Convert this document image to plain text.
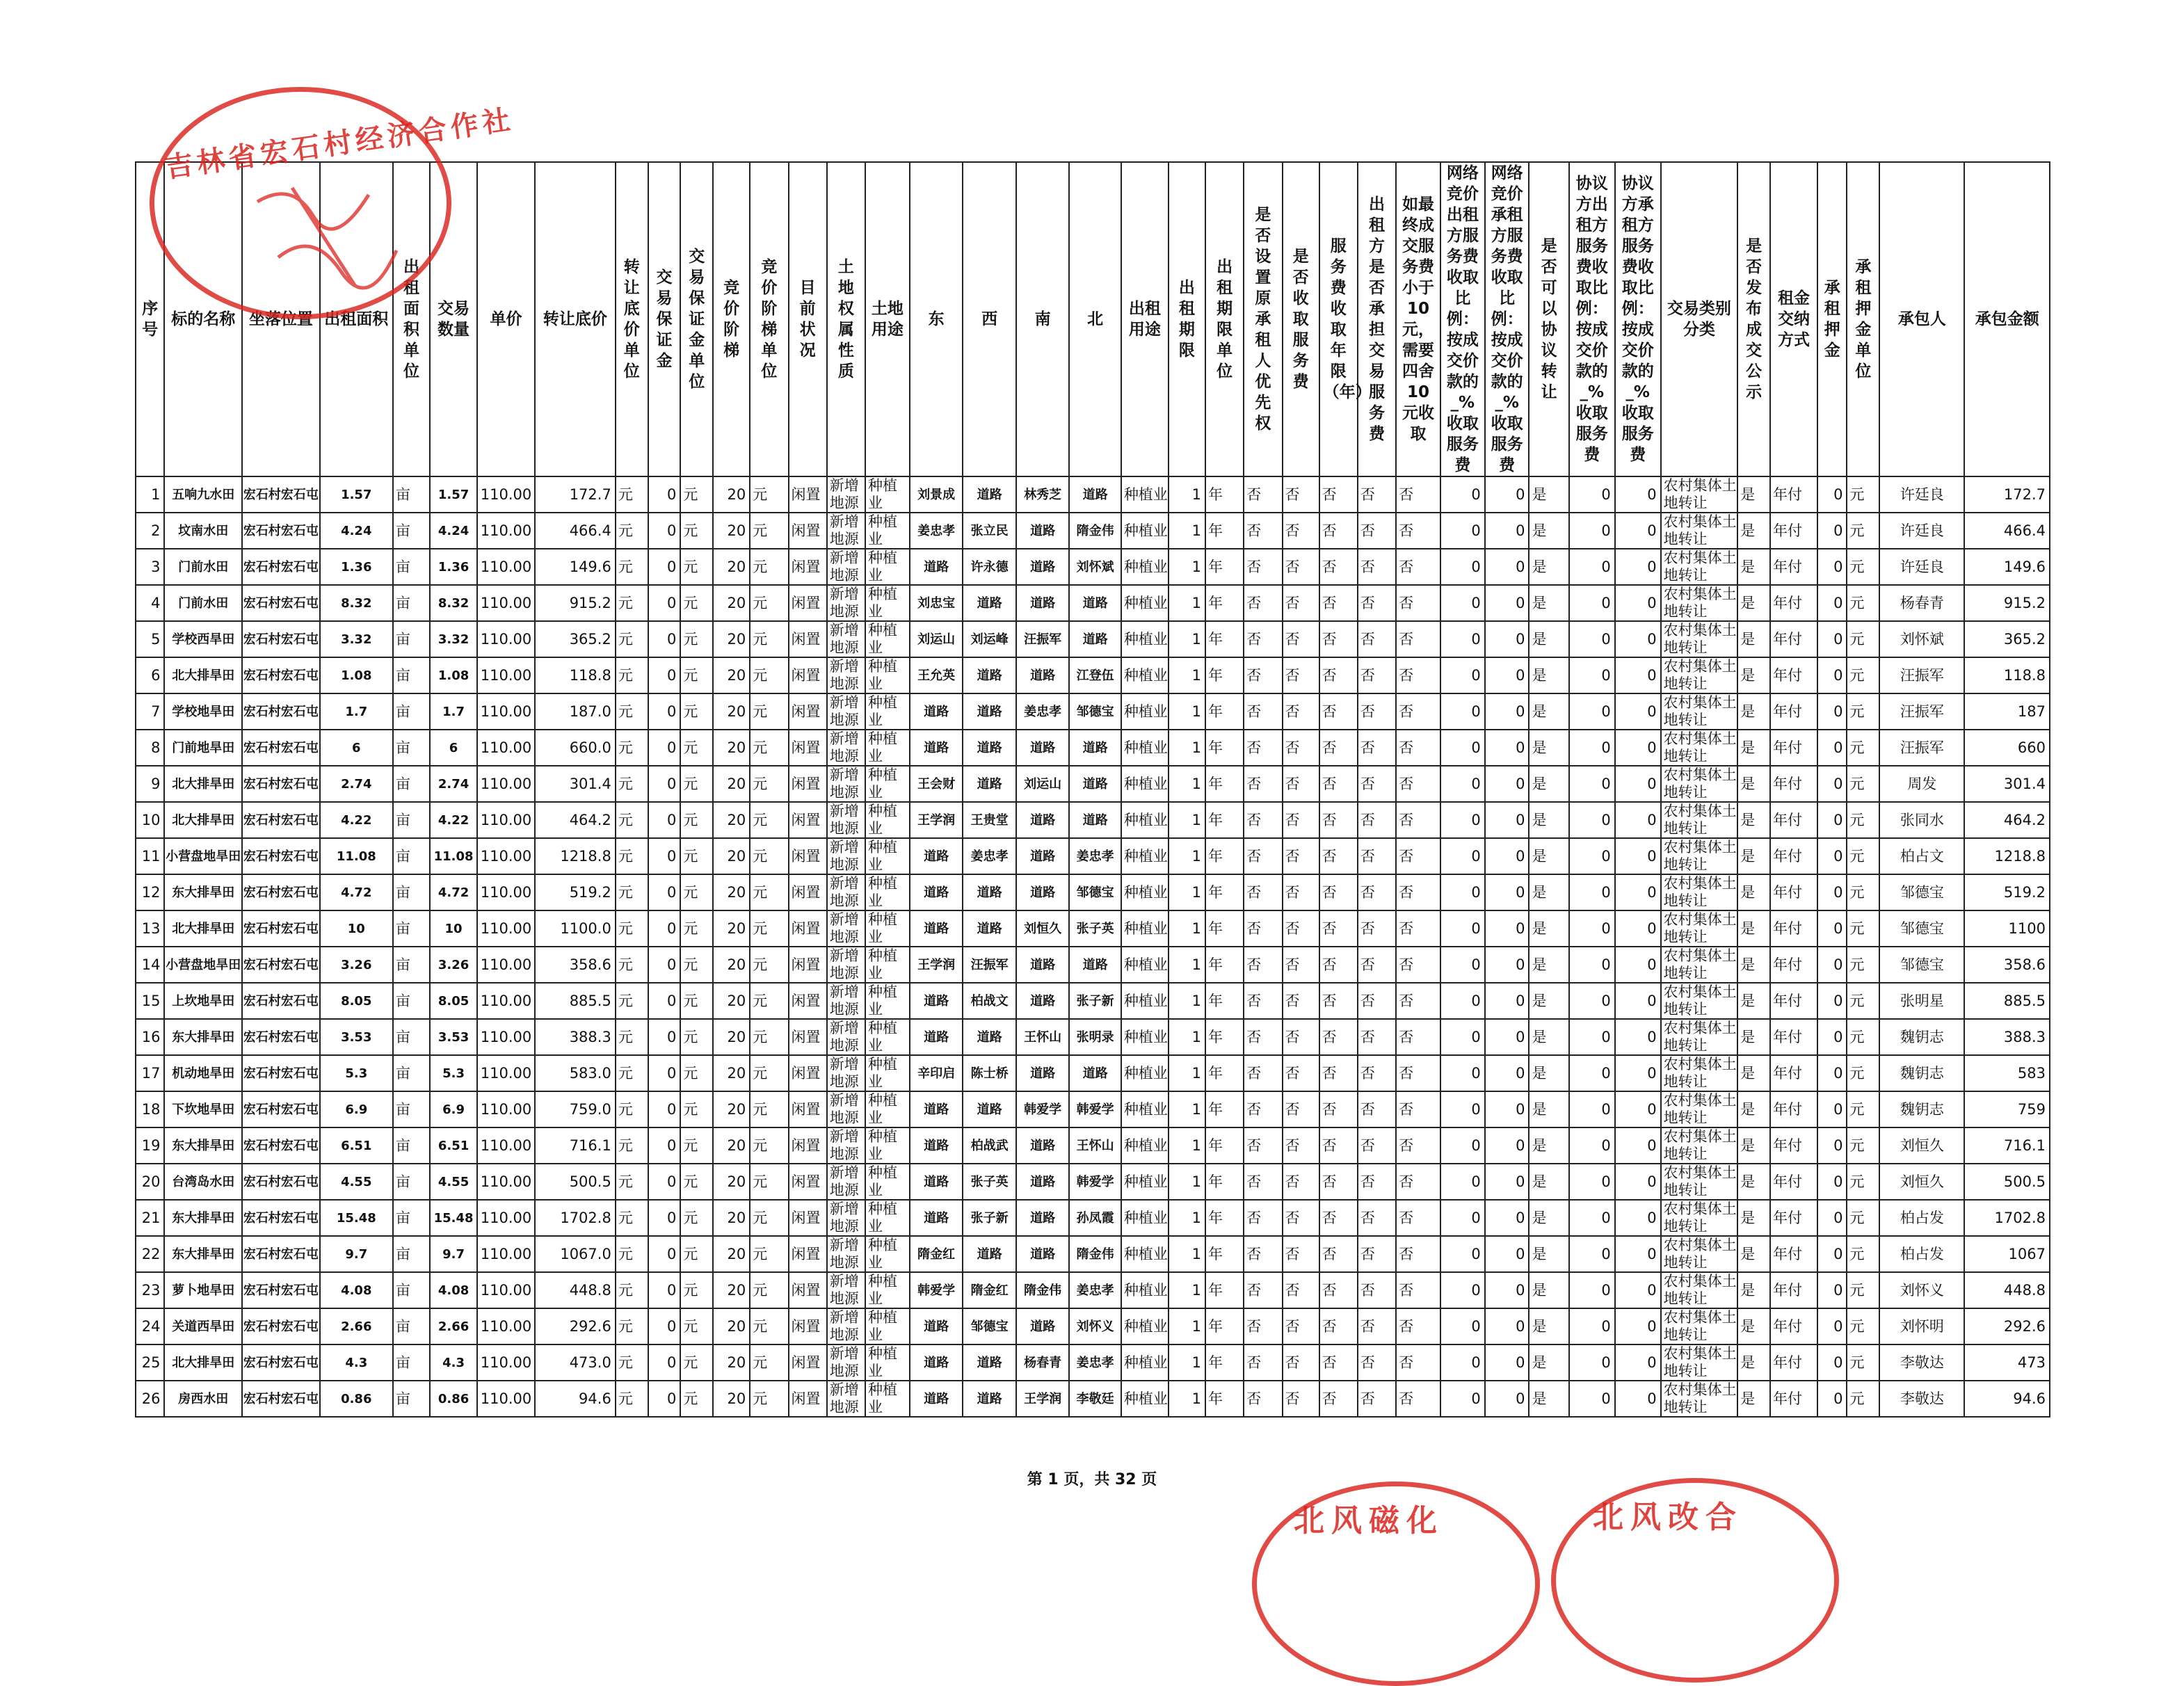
序号	标的名称	坐落位置	出租面积	出租面积单位	交易数量	单价	转让底价	转让底价单位	交易保证金	交易保证金单位	竞价阶梯	竞价阶梯单位	目前状况	土地权属性质	土地用途	东	西	南	北	出租用途	出租期限	出租期限单位	是否设置原承租人优先权	是否收取服务费	服务费收取年限（年）	出租方是否承担交易服务费	如最终成交服务费小于10元，需要四舍10元收取	网络竞价出租方服务费收取比例：按成交价款的_%收取服务费	网络竞价承租方服务费收取比例：按成交价款的_%收取服务费	是否可以协议转让	协议方出租方服务费收取比例：按成交价款的_%收取服务费	协议方承租方服务费收取比例：按成交价款的_%收取服务费	交易类别分类	是否发布成交公示	租金交纳方式	承租押金	承租押金单位	承包人	承包金额
1	五响九水田	宏石村宏石屯	1.57	亩	1.57	110.00	172.7	元	0	元	20	元	闲置	新增地源	种植业	刘景成	道路	林秀芝	道路	种植业	1	年	否	否	否	否	否	0	0	是	0	0	农村集体土地转让	是	年付	0	元	许廷良	172.7
2	坟南水田	宏石村宏石屯	4.24	亩	4.24	110.00	466.4	元	0	元	20	元	闲置	新增地源	种植业	姜忠孝	张立民	道路	隋金伟	种植业	1	年	否	否	否	否	否	0	0	是	0	0	农村集体土地转让	是	年付	0	元	许廷良	466.4
3	门前水田	宏石村宏石屯	1.36	亩	1.36	110.00	149.6	元	0	元	20	元	闲置	新增地源	种植业	道路	许永德	道路	刘怀斌	种植业	1	年	否	否	否	否	否	0	0	是	0	0	农村集体土地转让	是	年付	0	元	许廷良	149.6
4	门前水田	宏石村宏石屯	8.32	亩	8.32	110.00	915.2	元	0	元	20	元	闲置	新增地源	种植业	刘忠宝	道路	道路	道路	种植业	1	年	否	否	否	否	否	0	0	是	0	0	农村集体土地转让	是	年付	0	元	杨春青	915.2
5	学校西旱田	宏石村宏石屯	3.32	亩	3.32	110.00	365.2	元	0	元	20	元	闲置	新增地源	种植业	刘运山	刘运峰	汪振军	道路	种植业	1	年	否	否	否	否	否	0	0	是	0	0	农村集体土地转让	是	年付	0	元	刘怀斌	365.2
6	北大排旱田	宏石村宏石屯	1.08	亩	1.08	110.00	118.8	元	0	元	20	元	闲置	新增地源	种植业	王允英	道路	道路	江登伍	种植业	1	年	否	否	否	否	否	0	0	是	0	0	农村集体土地转让	是	年付	0	元	汪振军	118.8
7	学校地旱田	宏石村宏石屯	1.7	亩	1.7	110.00	187.0	元	0	元	20	元	闲置	新增地源	种植业	道路	道路	姜忠孝	邹德宝	种植业	1	年	否	否	否	否	否	0	0	是	0	0	农村集体土地转让	是	年付	0	元	汪振军	187
8	门前地旱田	宏石村宏石屯	6	亩	6	110.00	660.0	元	0	元	20	元	闲置	新增地源	种植业	道路	道路	道路	道路	种植业	1	年	否	否	否	否	否	0	0	是	0	0	农村集体土地转让	是	年付	0	元	汪振军	660
9	北大排旱田	宏石村宏石屯	2.74	亩	2.74	110.00	301.4	元	0	元	20	元	闲置	新增地源	种植业	王会财	道路	刘运山	道路	种植业	1	年	否	否	否	否	否	0	0	是	0	0	农村集体土地转让	是	年付	0	元	周发	301.4
10	北大排旱田	宏石村宏石屯	4.22	亩	4.22	110.00	464.2	元	0	元	20	元	闲置	新增地源	种植业	王学润	王贵堂	道路	道路	种植业	1	年	否	否	否	否	否	0	0	是	0	0	农村集体土地转让	是	年付	0	元	张同水	464.2
11	小营盘地旱田	宏石村宏石屯	11.08	亩	11.08	110.00	1218.8	元	0	元	20	元	闲置	新增地源	种植业	道路	姜忠孝	道路	姜忠孝	种植业	1	年	否	否	否	否	否	0	0	是	0	0	农村集体土地转让	是	年付	0	元	柏占文	1218.8
12	东大排旱田	宏石村宏石屯	4.72	亩	4.72	110.00	519.2	元	0	元	20	元	闲置	新增地源	种植业	道路	道路	道路	邹德宝	种植业	1	年	否	否	否	否	否	0	0	是	0	0	农村集体土地转让	是	年付	0	元	邹德宝	519.2
13	北大排旱田	宏石村宏石屯	10	亩	10	110.00	1100.0	元	0	元	20	元	闲置	新增地源	种植业	道路	道路	刘恒久	张子英	种植业	1	年	否	否	否	否	否	0	0	是	0	0	农村集体土地转让	是	年付	0	元	邹德宝	1100
14	小营盘地旱田	宏石村宏石屯	3.26	亩	3.26	110.00	358.6	元	0	元	20	元	闲置	新增地源	种植业	王学润	汪振军	道路	道路	种植业	1	年	否	否	否	否	否	0	0	是	0	0	农村集体土地转让	是	年付	0	元	邹德宝	358.6
15	上坎地旱田	宏石村宏石屯	8.05	亩	8.05	110.00	885.5	元	0	元	20	元	闲置	新增地源	种植业	道路	柏战文	道路	张子新	种植业	1	年	否	否	否	否	否	0	0	是	0	0	农村集体土地转让	是	年付	0	元	张明星	885.5
16	东大排旱田	宏石村宏石屯	3.53	亩	3.53	110.00	388.3	元	0	元	20	元	闲置	新增地源	种植业	道路	道路	王怀山	张明录	种植业	1	年	否	否	否	否	否	0	0	是	0	0	农村集体土地转让	是	年付	0	元	魏钥志	388.3
17	机动地旱田	宏石村宏石屯	5.3	亩	5.3	110.00	583.0	元	0	元	20	元	闲置	新增地源	种植业	辛印启	陈士桥	道路	道路	种植业	1	年	否	否	否	否	否	0	0	是	0	0	农村集体土地转让	是	年付	0	元	魏钥志	583
18	下坎地旱田	宏石村宏石屯	6.9	亩	6.9	110.00	759.0	元	0	元	20	元	闲置	新增地源	种植业	道路	道路	韩爱学	韩爱学	种植业	1	年	否	否	否	否	否	0	0	是	0	0	农村集体土地转让	是	年付	0	元	魏钥志	759
19	东大排旱田	宏石村宏石屯	6.51	亩	6.51	110.00	716.1	元	0	元	20	元	闲置	新增地源	种植业	道路	柏战武	道路	王怀山	种植业	1	年	否	否	否	否	否	0	0	是	0	0	农村集体土地转让	是	年付	0	元	刘恒久	716.1
20	台湾岛水田	宏石村宏石屯	4.55	亩	4.55	110.00	500.5	元	0	元	20	元	闲置	新增地源	种植业	道路	张子英	道路	韩爱学	种植业	1	年	否	否	否	否	否	0	0	是	0	0	农村集体土地转让	是	年付	0	元	刘恒久	500.5
21	东大排旱田	宏石村宏石屯	15.48	亩	15.48	110.00	1702.8	元	0	元	20	元	闲置	新增地源	种植业	道路	张子新	道路	孙凤霞	种植业	1	年	否	否	否	否	否	0	0	是	0	0	农村集体土地转让	是	年付	0	元	柏占发	1702.8
22	东大排旱田	宏石村宏石屯	9.7	亩	9.7	110.00	1067.0	元	0	元	20	元	闲置	新增地源	种植业	隋金红	道路	道路	隋金伟	种植业	1	年	否	否	否	否	否	0	0	是	0	0	农村集体土地转让	是	年付	0	元	柏占发	1067
23	萝卜地旱田	宏石村宏石屯	4.08	亩	4.08	110.00	448.8	元	0	元	20	元	闲置	新增地源	种植业	韩爱学	隋金红	隋金伟	姜忠孝	种植业	1	年	否	否	否	否	否	0	0	是	0	0	农村集体土地转让	是	年付	0	元	刘怀义	448.8
24	关道西旱田	宏石村宏石屯	2.66	亩	2.66	110.00	292.6	元	0	元	20	元	闲置	新增地源	种植业	道路	邹德宝	道路	刘怀义	种植业	1	年	否	否	否	否	否	0	0	是	0	0	农村集体土地转让	是	年付	0	元	刘怀明	292.6
25	北大排旱田	宏石村宏石屯	4.3	亩	4.3	110.00	473.0	元	0	元	20	元	闲置	新增地源	种植业	道路	道路	杨春青	姜忠孝	种植业	1	年	否	否	否	否	否	0	0	是	0	0	农村集体土地转让	是	年付	0	元	李敬达	473
26	房西水田	宏石村宏石屯	0.86	亩	0.86	110.00	94.6	元	0	元	20	元	闲置	新增地源	种植业	道路	道路	王学润	李敬廷	种植业	1	年	否	否	否	否	否	0	0	是	0	0	农村集体土地转让	是	年付	0	元	李敬达	94.6
第 1 页，共 32 页
吉林省宏石村经济合作社
北风磁化	北风改合
